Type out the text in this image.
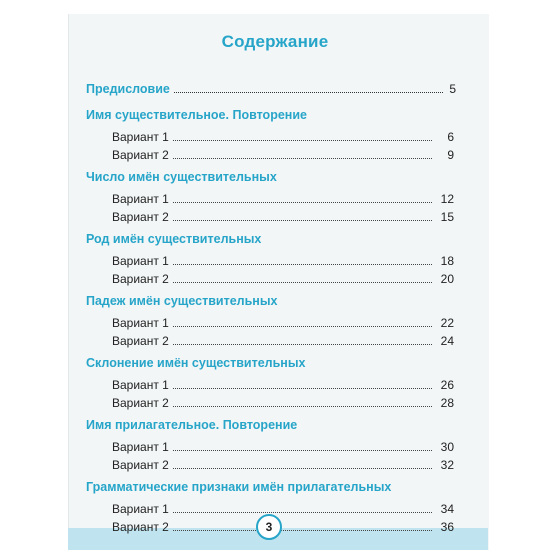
Содержание
Предисловие	5
Имя существительное. Повторение
Вариант 1	6
Вариант 2	9
Число имён существительных
Вариант 1	12
Вариант 2	15
Род имён существительных
Вариант 1	18
Вариант 2	20
Падеж имён существительных
Вариант 1	22
Вариант 2	24
Склонение имён существительных
Вариант 1	26
Вариант 2	28
Имя прилагательное. Повторение
Вариант 1	30
Вариант 2	32
Грамматические признаки имён прилагательных
Вариант 1	34
Вариант 2	36
3
